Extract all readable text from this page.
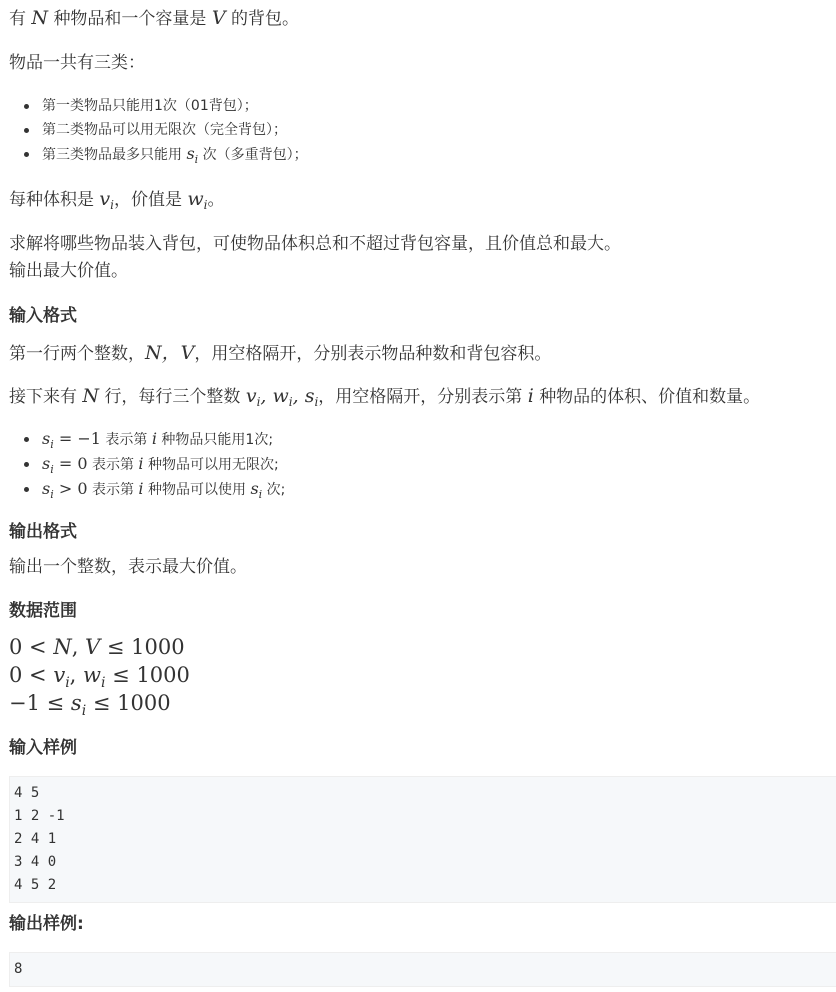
有 N 种物品和一个容量是 V 的背包。

物品一共有三类：

第一类物品只能用1次（01背包）；
第二类物品可以用无限次（完全背包）；
第三类物品最多只能用 $s_i$ 次（多重背包）；

每种体积是 $v_i$，价值是 $w_i$。

求解将哪些物品装入背包，可使物品体积总和不超过背包容量，且价值总和最大。

输出最大价值。

输入格式

第一行两个整数，N，V，用空格隔开，分别表示物品种数和背包容积。

接下来有 N 行，每行三个整数 $v_i$, $w_i$, $s_i$，用空格隔开，分别表示第 i 种物品的体积、价值和数量。

$s_i = -1$ 表示第 i 种物品只能用1次;
$s_i = 0$ 表示第 i 种物品可以用无限次;
$s_i > 0$ 表示第 i 种物品可以使用 $s_i$ 次;
输出格式

输出一个整数，表示最大价值。

数据范围

0 < N, V ≤ 1000

$0 < v_i$, $w_i \le 1000$

$-1 \le s_i \le 1000$

输入样例
4 5
1 2 -1
2 4 1
3 4 0
4 5 2
输出样例:
8
